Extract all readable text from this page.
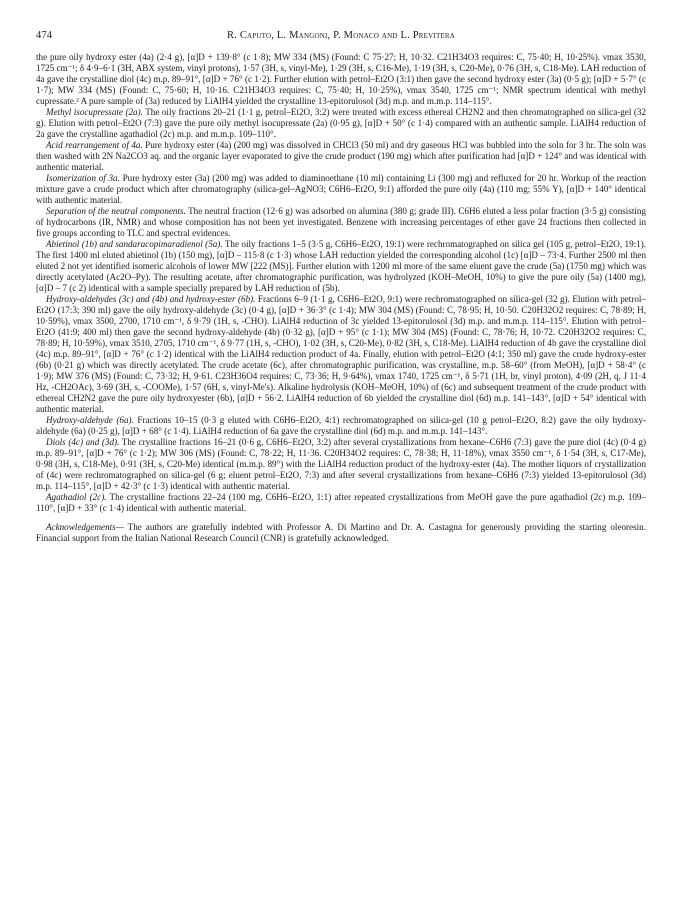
474	R. Caputo, L. Mangoni, P. Monaco and L. Previtera

the pure oily hydroxy ester (4a) (2·4 g), [α]D + 139·8° (c 1·8); MW 334 (MS) (Found: C 75·27; H, 10·32. C21H34O3 requires: C, 75·40; H, 10·25%). νmax 3530, 1725 cm⁻¹; δ 4·9–6·1 (3H, ABX system, vinyl protons), 1·57 (3H, s, vinyl-Me), 1·29 (3H, s, C16-Me), 1·19 (3H, s, C20-Me), 0·76 (3H, s, C18-Me). LAH reduction of 4a gave the crystalline diol (4c) m.p. 89–91°, [α]D + 76° (c 1·2). Further elution with petrol–Et2O (3:1) then gave the second hydroxy ester (3a) (0·5 g); [α]D + 5·7° (c 1·7); MW 334 (MS) (Found: C, 75·60; H, 10·16. C21H34O3 requires: C, 75·40; H, 10·25%), νmax 3540, 1725 cm⁻¹; NMR spectrum identical with methyl cupressate.² A pure sample of (3a) reduced by LiAlH4 yielded the crystalline 13-epitorulosol (3d) m.p. and m.m.p. 114–115°.

Methyl isocupressate (2a). The oily fractions 20–21 (1·1 g, petrol–Et2O, 3:2) were treated with excess ethereal CH2N2 and then chromatographed on silica-gel (32 g). Elution with petrol–Et2O (7:3) gave the pure oily methyl isocupressate (2a) (0·95 g), [α]D + 50° (c 1·4) compared with an authentic sample. LiAlH4 reduction of 2a gave the crystalline agathadiol (2c) m.p. and m.m.p. 109–110°.

Acid rearrangement of 4a. Pure hydroxy ester (4a) (200 mg) was dissolved in CHCl3 (50 ml) and dry gaseous HCl was bubbled into the soln for 3 hr. The soln was then washed with 2N Na2CO3 aq. and the organic layer evaporated to give the crude product (190 mg) which after purification had [α]D + 124° and was identical with authentic material.

Isomerization of 3a. Pure hydroxy ester (3a) (200 mg) was added to diaminoethane (10 ml) containing Li (300 mg) and refluxed for 20 hr. Workup of the reaction mixture gave a crude product which after chromatography (silica-gel–AgNO3; C6H6–Et2O, 9:1) afforded the pure oily (4a) (110 mg; 55% Y), [α]D + 140° identical with authentic material.

Separation of the neutral components. The neutral fraction (12·6 g) was adsorbed on alumina (380 g; grade III). C6H6 eluted a less polar fraction (3·5 g) consisting of hydrocarbons (IR, NMR) and whose composition has not been yet investigated. Benzene with increasing percentages of ether gave 24 fractions then collected in five groups according to TLC and spectral evidences.

Abietinol (1b) and sandaracopimaradienol (5a). The oily fractions 1–5 (3·5 g, C6H6–Et2O, 19:1) were rechromatographed on silica gel (105 g, petrol–Et2O, 19:1). The first 1400 ml eluted abietinol (1b) (150 mg), [α]D – 115·8 (c 1·3) whose LAH reduction yielded the corresponding alcohol (1c) [α]D – 73·4. Further 2500 ml then eluted 2 not yet identified isomeric alcohols of lower MW [222 (MS)]. Further elution with 1200 ml more of the same eluent gave the crude (5a) (1750 mg) which was directly acetylated (Ac2O–Py). The resulting acetate, after chromatographic purification, was hydrolyzed (KOH–MeOH, 10%) to give the pure oily (5a) (1400 mg), [α]D – 7 (c 2) identical with a sample specially prepared by LAH reduction of (5b).

Hydroxy-aldehydes (3c) and (4b) and hydroxy-ester (6b). Fractions 6–9 (1·1 g, C6H6–Et2O, 9:1) were rechromatographed on silica-gel (32 g). Elution with petrol–Et2O (17:3; 390 ml) gave the oily hydroxy-aldehyde (3c) (0·4 g), [α]D + 36·3° (c 1·4); MW 304 (MS) (Found: C, 78·95; H, 10·50. C20H32O2 requires: C, 78·89; H, 10·59%), νmax 3500, 2700, 1710 cm⁻¹, δ 9·79 (1H, s, -CHO). LiAlH4 reduction of 3c yielded 13-epitorulosol (3d) m.p. and m.m.p. 114–115°. Elution with petrol–Et2O (41:9; 400 ml) then gave the second hydroxy-aldehyde (4b) (0·32 g), [α]D + 95° (c 1·1); MW 304 (MS) (Found: C, 78·76; H, 10·72. C20H32O2 requires: C, 78·89; H, 10·59%), νmax 3510, 2705, 1710 cm⁻¹, δ 9·77 (1H, s, -CHO), 1·02 (3H, s, C20-Me), 0·82 (3H, s, C18-Me). LiAlH4 reduction of 4b gave the crystalline diol (4c) m.p. 89–91°, [α]D + 76° (c 1·2) identical with the LiAlH4 reduction product of 4a. Finally, elution with petrol–Et2O (4:1; 350 ml) gave the crude hydroxy-ester (6b) (0·21 g) which was directly acetylated. The crude acetate (6c), after chromatographic purification, was crystalline, m.p. 58–60° (from MeOH), [α]D + 58·4° (c 1·9); MW 376 (MS) (Found: C, 73·32; H, 9·61. C23H36O4 requires: C, 73·36; H, 9·64%), νmax 1740, 1725 cm⁻¹, δ 5·71 (1H, br, vinyl proton), 4·09 (2H, q, J 11·4 Hz, -CH2OAc), 3·69 (3H, s, -COOMe), 1·57 (6H, s, vinyl-Me's). Alkaline hydrolysis (KOH–MeOH, 10%) of (6c) and subsequent treatment of the crude product with ethereal CH2N2 gave the pure oily hydroxyester (6b), [α]D + 56·2. LiAlH4 reduction of 6b yielded the crystalline diol (6d) m.p. 141–143°, [α]D + 54° identical with authentic material.

Hydroxy-aldehyde (6a). Fractions 10–15 (0·3 g eluted with C6H6–Et2O, 4:1) rechromatographed on silica-gel (10 g petrol–Et2O, 8:2) gave the oily hydroxy-aldehyde (6a) (0·25 g), [α]D + 68° (c 1·4). LiAlH4 reduction of 6a gave the crystalline diol (6d) m.p. and m.m.p. 141–143°.

Diols (4c) and (3d). The crystalline fractions 16–21 (0·6 g, C6H6–Et2O, 3:2) after several crystallizations from hexane–C6H6 (7:3) gave the pure diol (4c) (0·4 g) m.p. 89–91°, [α]D + 76° (c 1·2); MW 306 (MS) (Found: C, 78·22; H, 11·36. C20H34O2 requires: C, 78·38; H, 11·18%), νmax 3550 cm⁻¹, δ 1·54 (3H, s, C17-Me), 0·98 (3H, s, C18-Me), 0·91 (3H, s, C20-Me) identical (m.m.p. 89°) with the LiAlH4 reduction product of the hydroxy-ester (4a). The mother liquors of crystallization of (4c) were rechromatographed on silica-gel (6 g; eluent petrol–Et2O, 7:3) and after several crystallizations from hexane–C6H6 (7:3) yielded 13-epitorulosol (3d) m.p. 114–115°, [α]D + 42·3° (c 1·3) identical with authentic material.

Agathadiol (2c). The crystalline fractions 22–24 (100 mg, C6H6–Et2O, 1:1) after repeated crystallizations from MeOH gave the pure agathadiol (2c) m.p. 109–110°, [α]D + 33° (c 1·4) identical with authentic material.

Acknowledgements— The authors are gratefully indebted with Professor A. Di Martino and Dr. A. Castagna for generously providing the starting oleoresin. Financial support from the Italian National Research Council (CNR) is gratefully acknowledged.
